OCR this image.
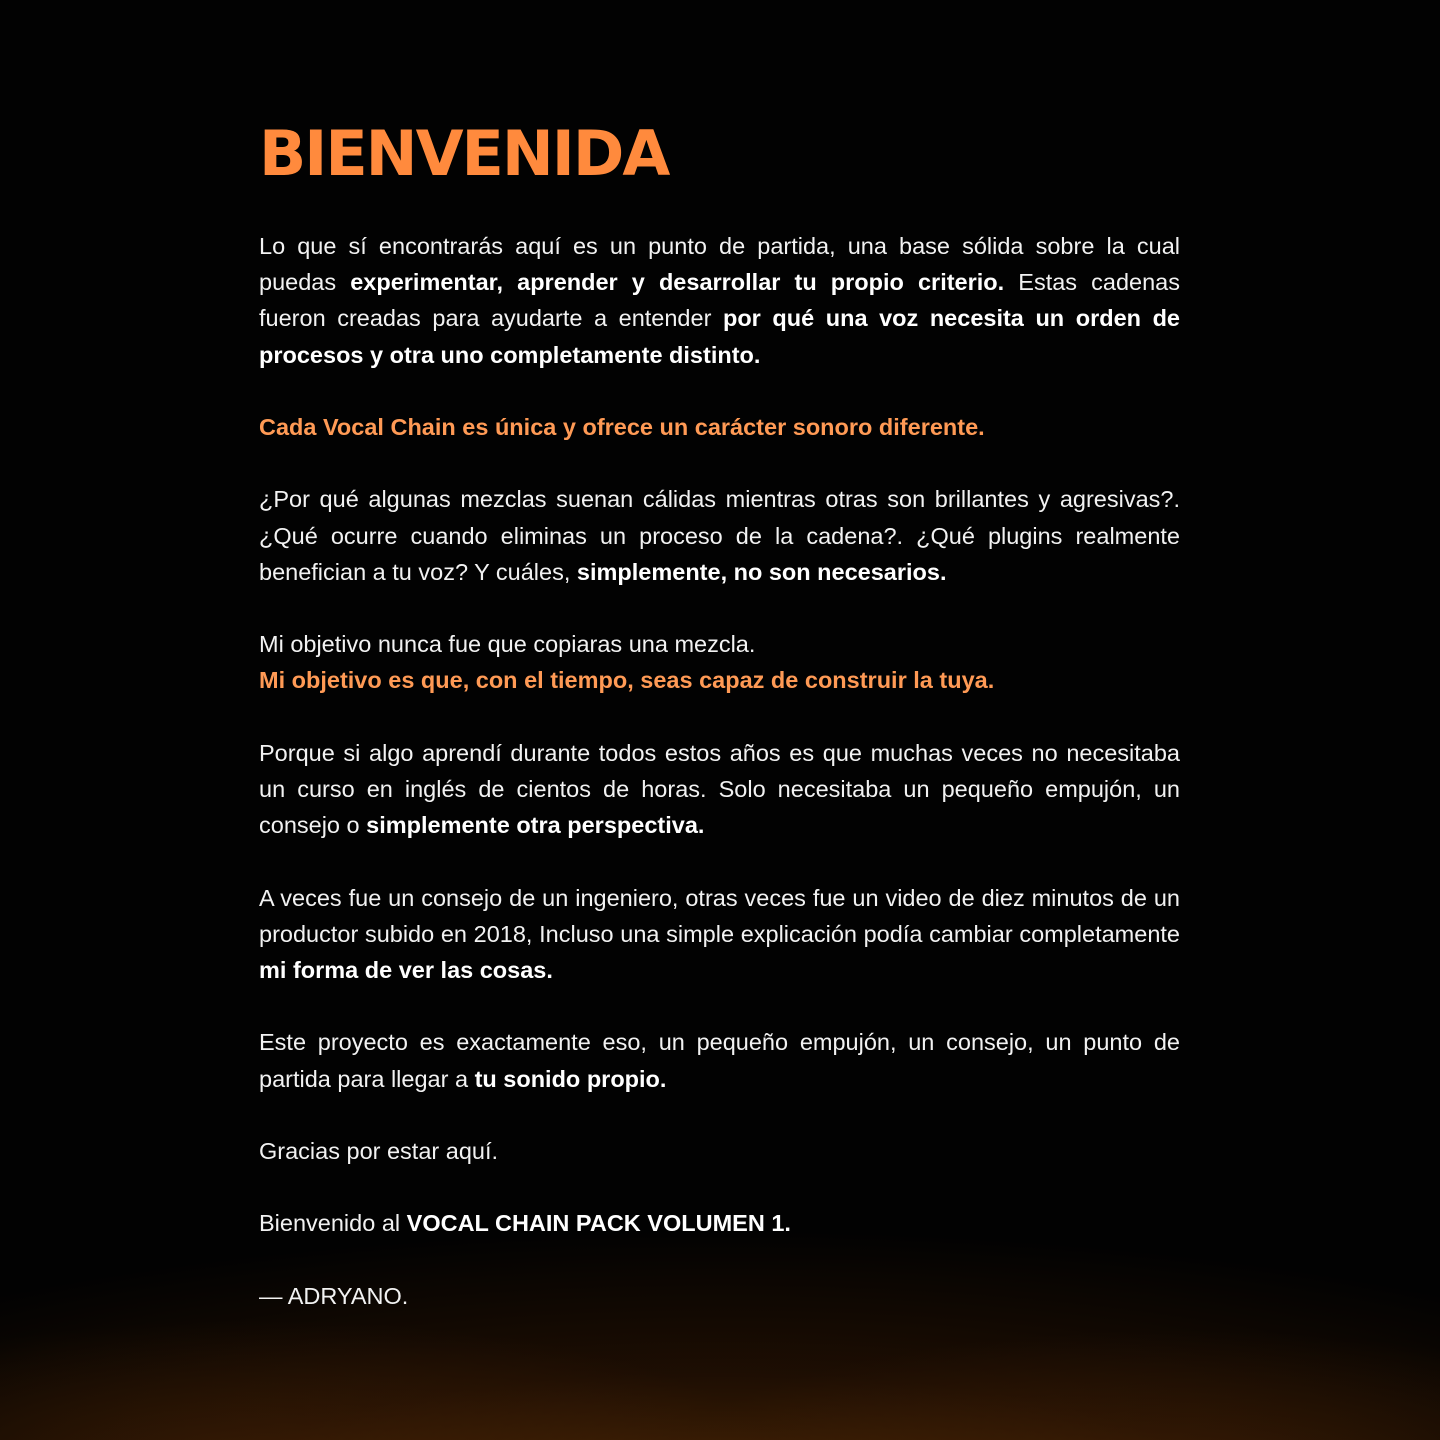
BIENVENIDA

Lo que sí encontrarás aquí es un punto de partida, una base sólida sobre la cual puedas experimentar, aprender y desarrollar tu propio criterio. Estas cadenas fueron creadas para ayudarte a entender por qué una voz necesita un orden de procesos y otra uno completamente distinto.

Cada Vocal Chain es única y ofrece un carácter sonoro diferente.

¿Por qué algunas mezclas suenan cálidas mientras otras son brillantes y agresivas?. ¿Qué ocurre cuando eliminas un proceso de la cadena?. ¿Qué plugins realmente benefician a tu voz? Y cuáles, simplemente, no son necesarios.

Mi objetivo nunca fue que copiaras una mezcla.

Mi objetivo es que, con el tiempo, seas capaz de construir la tuya.

Porque si algo aprendí durante todos estos años es que muchas veces no necesitaba un curso en inglés de cientos de horas. Solo necesitaba un pequeño empujón, un consejo o simplemente otra perspectiva.

A veces fue un consejo de un ingeniero, otras veces fue un video de diez minutos de un productor subido en 2018, Incluso una simple explicación podía cambiar completamente mi forma de ver las cosas.

Este proyecto es exactamente eso, un pequeño empujón, un consejo, un punto de partida para llegar a tu sonido propio.

Gracias por estar aquí.

Bienvenido al VOCAL CHAIN PACK VOLUMEN 1.

— ADRYANO.
